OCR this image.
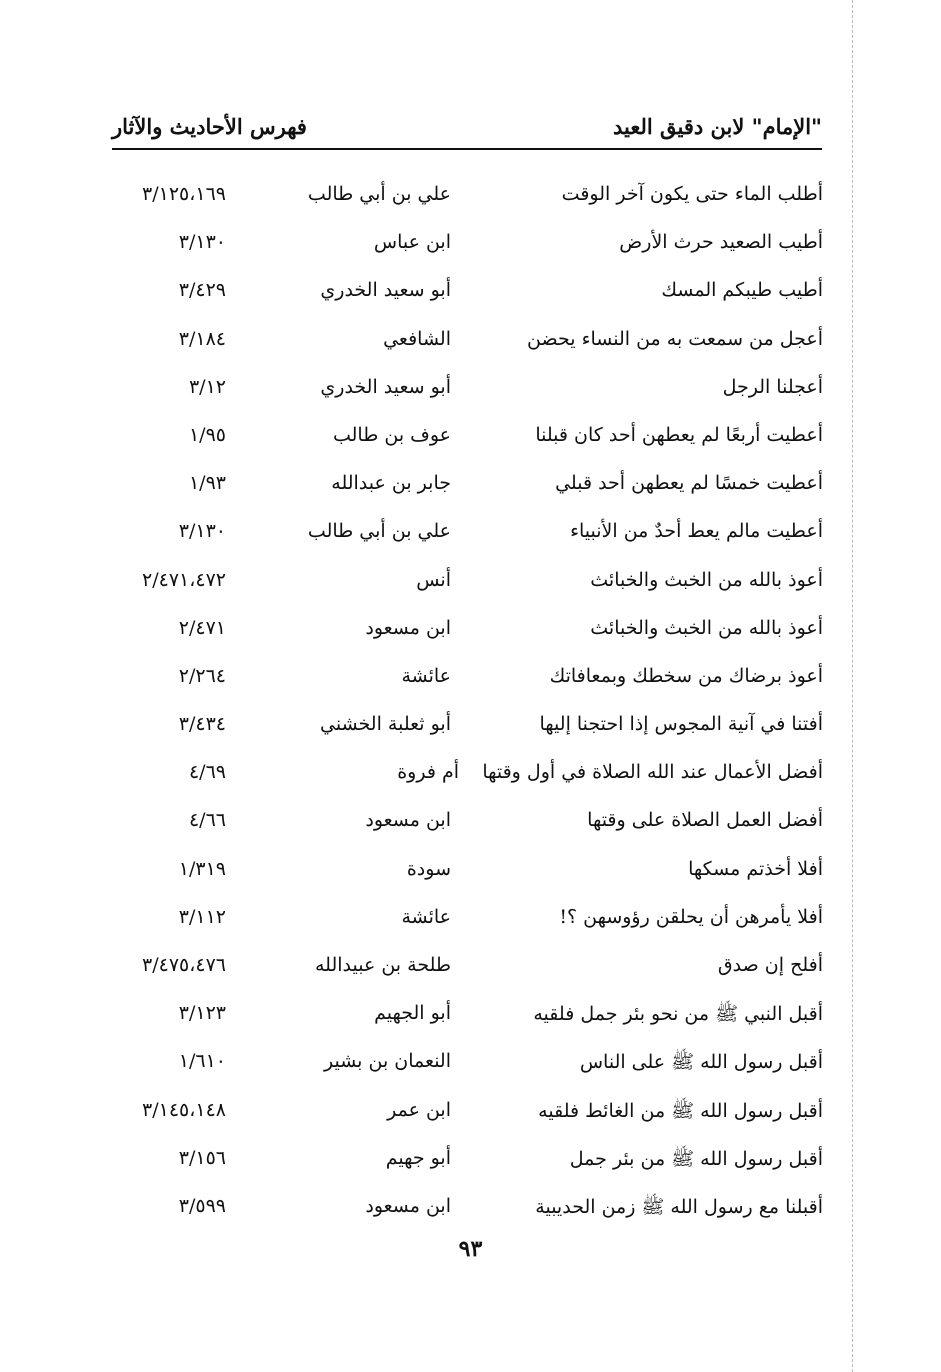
"الإمام" لابن دقيق العيد
فهرس الأحاديث والآثار
أطلب الماء حتى يكون آخر الوقت
علي بن أبي طالب
٣/١٢٥،١٦٩
أطيب الصعيد حرث الأرض
ابن عباس
٣/١٣٠
أطيب طيبكم المسك
أبو سعيد الخدري
٣/٤٢٩
أعجل من سمعت به من النساء يحضن
الشافعي
٣/١٨٤
أعجلنا الرجل
أبو سعيد الخدري
٣/١٢
أعطيت أربعًا لم يعطهن أحد كان قبلنا
عوف بن طالب
١/٩٥
أعطيت خمسًا لم يعطهن أحد قبلي
جابر بن عبدالله
١/٩٣
أعطيت مالم يعط أحدٌ من الأنبياء
علي بن أبي طالب
٣/١٣٠
أعوذ بالله من الخبث والخبائث
أنس
٢/٤٧١،٤٧٢
أعوذ بالله من الخبث والخبائث
ابن مسعود
٢/٤٧١
أعوذ برضاك من سخطك وبمعافاتك
عائشة
٢/٢٦٤
أفتنا في آنية المجوس إذا احتجنا إليها
أبو ثعلبة الخشني
٣/٤٣٤
أفضل الأعمال عند الله الصلاة في أول وقتها
أم فروة
٤/٦٩
أفضل العمل الصلاة على وقتها
ابن مسعود
٤/٦٦
أفلا أخذتم مسكها
سودة
١/٣١٩
أفلا يأمرهن أن يحلقن رؤوسهن ؟!
عائشة
٣/١١٢
أفلح إن صدق
طلحة بن عبيدالله
٣/٤٧٥،٤٧٦
أقبل النبي ﷺ من نحو بئر جمل فلقيه
أبو الجهيم
٣/١٢٣
أقبل رسول الله ﷺ على الناس
النعمان بن بشير
١/٦١٠
أقبل رسول الله ﷺ من الغائط فلقيه
ابن عمر
٣/١٤٥،١٤٨
أقبل رسول الله ﷺ من بئر جمل
أبو جهيم
٣/١٥٦
أقبلنا مع رسول الله ﷺ زمن الحديبية
ابن مسعود
٣/٥٩٩
٩٣
